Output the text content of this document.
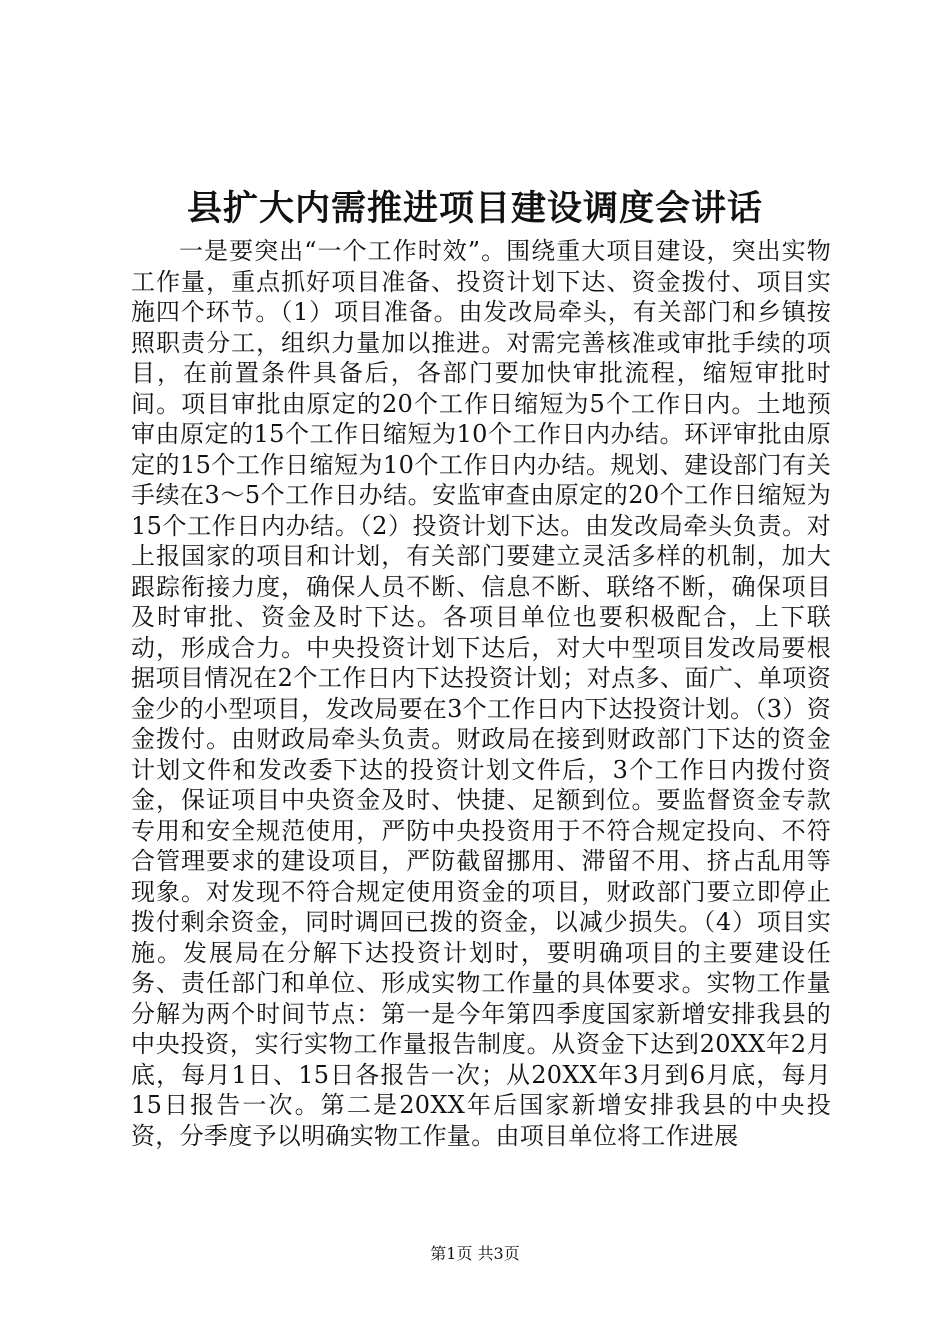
县扩大内需推进项目建设调度会讲话

一是要突出“一个工作时效”。围绕重大项目建设，突出实物工作量，重点抓好项目准备、投资计划下达、资金拨付、项目实施四个环节。（1）项目准备。由发改局牵头，有关部门和乡镇按照职责分工，组织力量加以推进。对需完善核准或审批手续的项目，在前置条件具备后，各部门要加快审批流程，缩短审批时间。项目审批由原定的20个工作日缩短为5个工作日内。土地预审由原定的15个工作日缩短为10个工作日内办结。环评审批由原定的15个工作日缩短为10个工作日内办结。规划、建设部门有关手续在3～5个工作日办结。安监审查由原定的20个工作日缩短为15个工作日内办结。（2）投资计划下达。由发改局牵头负责。对上报国家的项目和计划，有关部门要建立灵活多样的机制，加大跟踪衔接力度，确保人员不断、信息不断、联络不断，确保项目及时审批、资金及时下达。各项目单位也要积极配合，上下联动，形成合力。中央投资计划下达后，对大中型项目发改局要根据项目情况在2个工作日内下达投资计划；对点多、面广、单项资金少的小型项目，发改局要在3个工作日内下达投资计划。（3）资金拨付。由财政局牵头负责。财政局在接到财政部门下达的资金计划文件和发改委下达的投资计划文件后，3个工作日内拨付资金，保证项目中央资金及时、快捷、足额到位。要监督资金专款专用和安全规范使用，严防中央投资用于不符合规定投向、不符合管理要求的建设项目，严防截留挪用、滞留不用、挤占乱用等现象。对发现不符合规定使用资金的项目，财政部门要立即停止拨付剩余资金，同时调回已拨的资金，以减少损失。（4）项目实施。发展局在分解下达投资计划时，要明确项目的主要建设任务、责任部门和单位、形成实物工作量的具体要求。实物工作量分解为两个时间节点：第一是今年第四季度国家新增安排我县的中央投资，实行实物工作量报告制度。从资金下达到20XX年2月底，每月1日、15日各报告一次；从20XX年3月到6月底，每月15日报告一次。第二是20XX年后国家新增安排我县的中央投资，分季度予以明确实物工作量。由项目单位将工作进展

第1页 共3页
